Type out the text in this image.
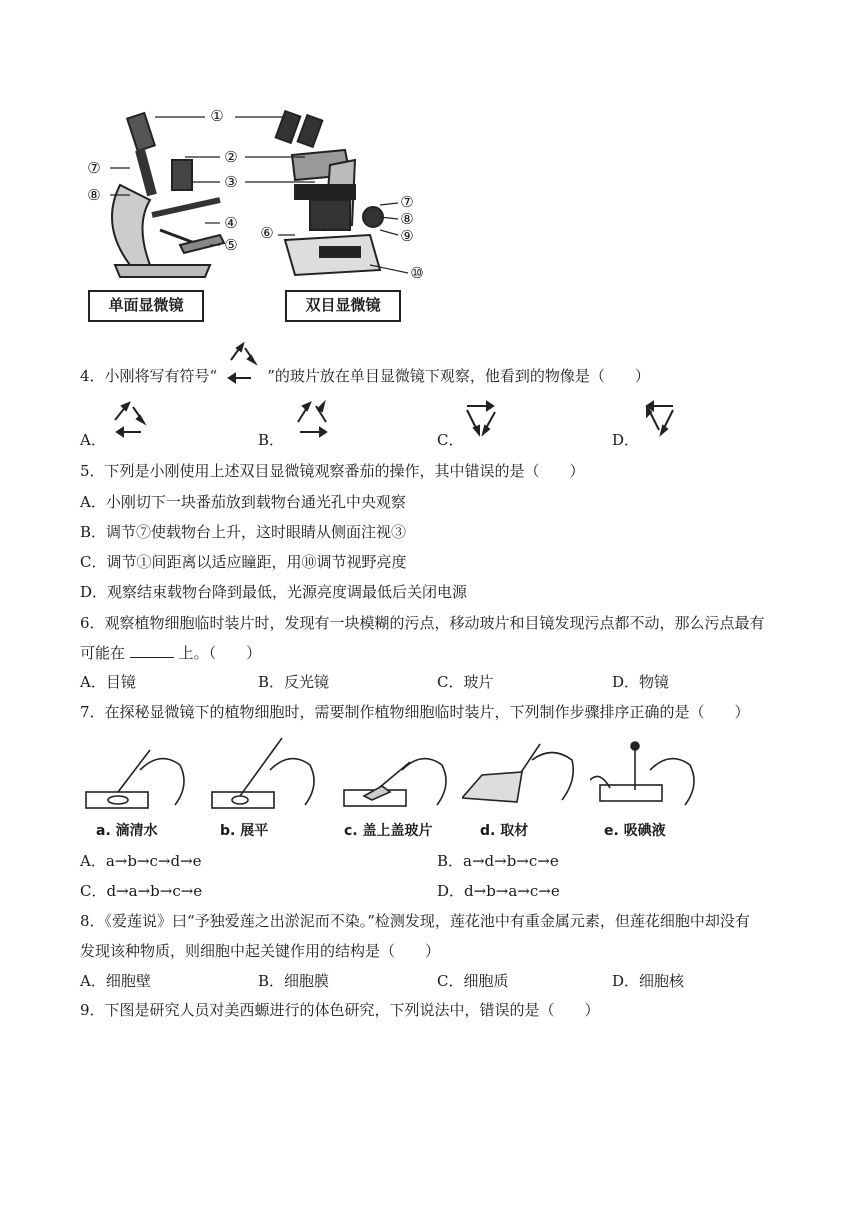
①
②
③
④
⑤
⑦
⑧
⑥
⑦
⑧
⑨
⑩
单面显微镜	双目显微镜
4．小刚将写有符号“	”的玻片放在单目显微镜下观察，他看到的物像是（　　）
A．	B．	C．	D．
5．下列是小刚使用上述双目显微镜观察番茄的操作，其中错误的是（　　）
A．小刚切下一块番茄放到载物台通光孔中央观察
B．调节⑦使载物台上升，这时眼睛从侧面注视③
C．调节①间距离以适应瞳距，用⑩调节视野亮度
D．观察结束载物台降到最低，光源亮度调最低后关闭电源
6．观察植物细胞临时装片时，发现有一块模糊的污点，移动玻片和目镜发现污点都不动，那么污点最有
可能在	上。（　　）
A．目镜	B．反光镜	C．玻片	D．物镜
7．在探秘显微镜下的植物细胞时，需要制作植物细胞临时装片，下列制作步骤排序正确的是（　　）
a. 滴清水	b. 展平	c. 盖上盖玻片	d. 取材	e. 吸碘液
A．a→b→c→d→e	B．a→d→b→c→e
C．d→a→b→c→e	D．d→b→a→c→e
8．《爱莲说》曰“予独爱莲之出淤泥而不染。”检测发现，莲花池中有重金属元素，但莲花细胞中却没有
发现该种物质，则细胞中起关键作用的结构是（　　）
A．细胞壁	B．细胞膜	C．细胞质	D．细胞核
9．下图是研究人员对美西螈进行的体色研究，下列说法中，错误的是（　　）
